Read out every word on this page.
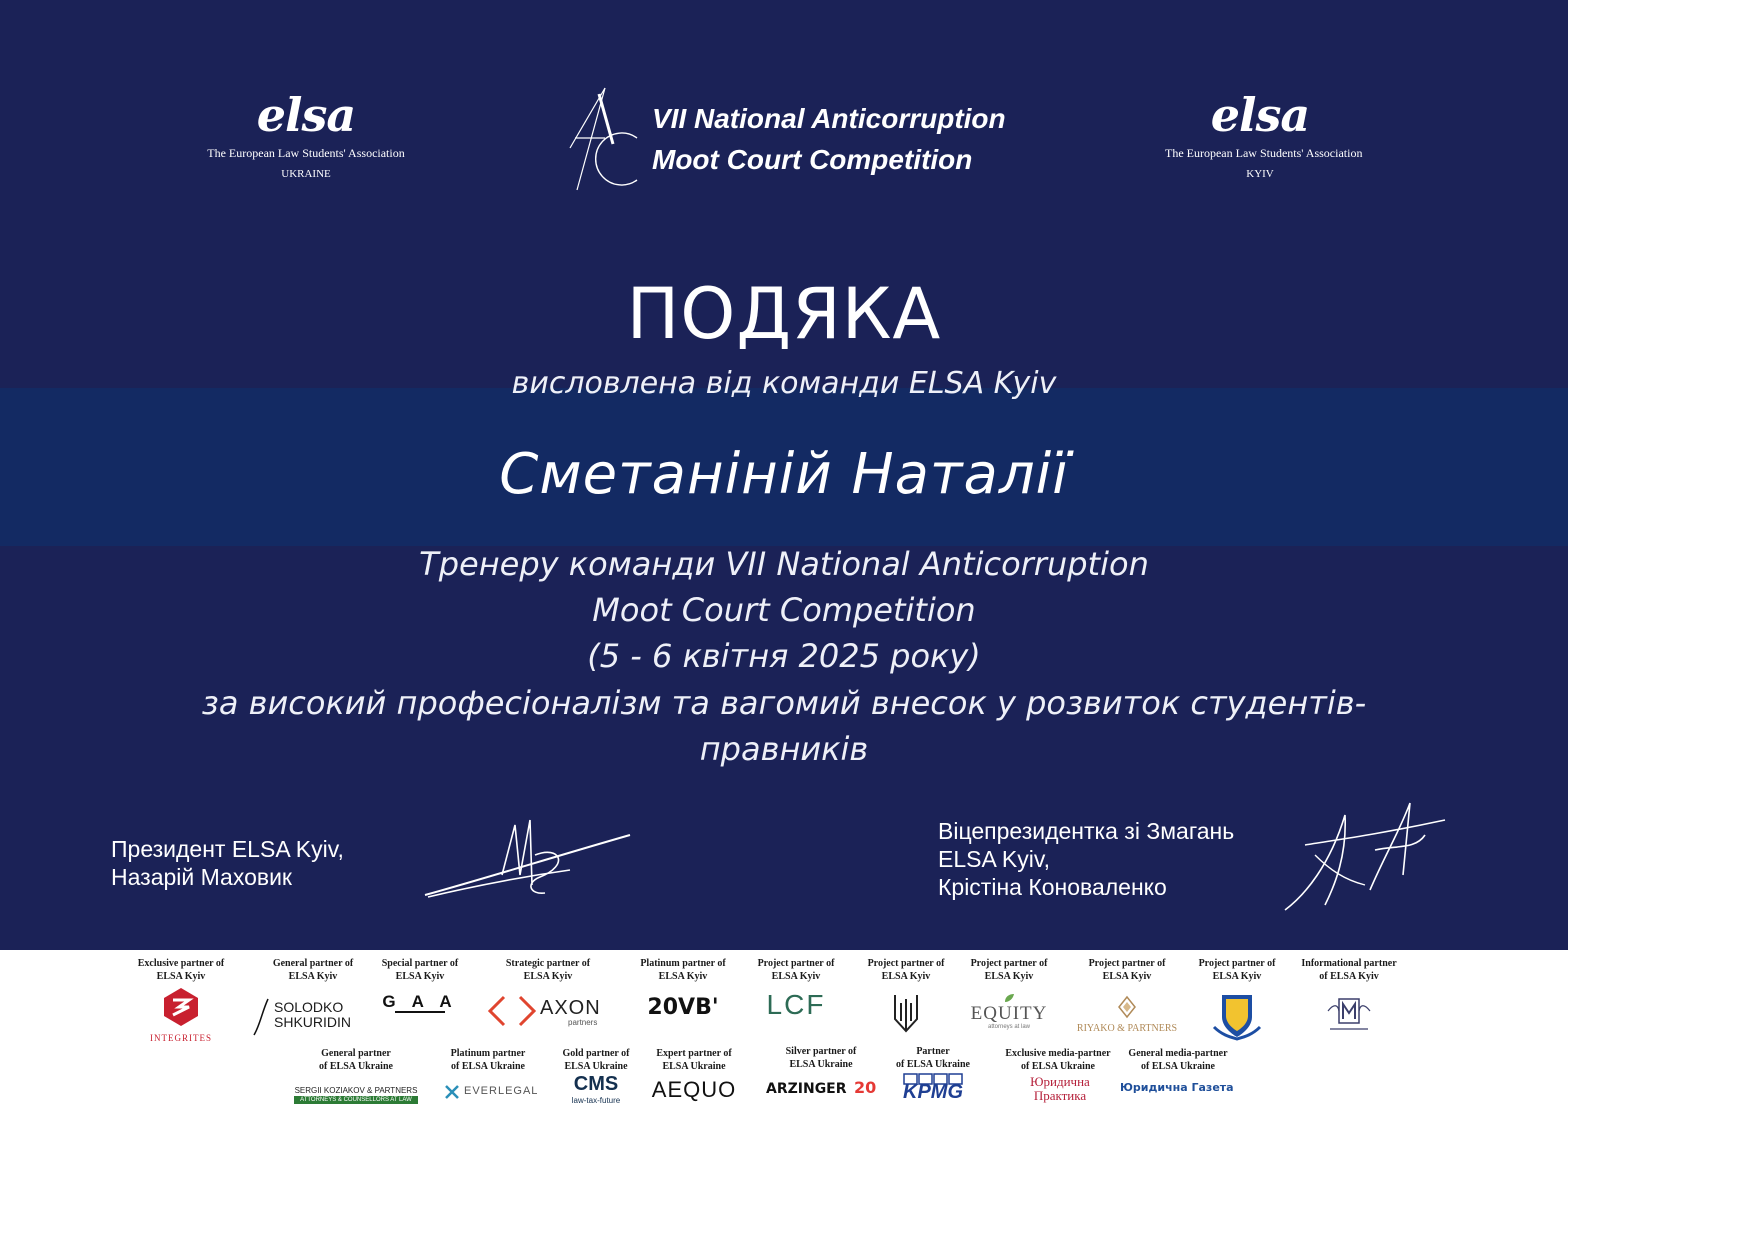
elsa
The European Law Students' Association
UKRAINE
VII National Anticorruption
Moot Court Competition
elsa
The European Law Students' Association
KYIV
ПОДЯКА
висловлена від команди ELSA Kyiv
Сметаніній Наталії
Тренеру команди VII National Anticorruption
Moot Court Competition
(5 - 6 квітня 2025 року)
за високий професіоналізм та вагомий внесок у розвиток студентів-
правників
Президент ELSA Kyiv,
Назарій Маховик
Віцепрезидентка зі Змагань
ELSA Kyiv,
Крістіна Коноваленко
Exclusive partner of
ELSA Kyiv
INTEGRITES
General partner of
ELSA Kyiv
SOLODKO SHKURIDIN
Special partner of
ELSA Kyiv
G A A
Strategic partner of
ELSA Kyiv
AXON
partners
Platinum partner of
ELSA Kyiv
20VB'
Project partner of
ELSA Kyiv
LCF
Project partner of
ELSA Kyiv
Project partner of
ELSA Kyiv
EQUITY
attorneys at law
Project partner of
ELSA Kyiv
RIYAKO & PARTNERS
Project partner of
ELSA Kyiv
Informational partner
of ELSA Kyiv
General partner
of ELSA Ukraine
SERGII KOZIAKOV & PARTNERS
ATTORNEYS & COUNSELLORS AT LAW
Platinum partner
of ELSA Ukraine
EVERLEGAL
Gold partner of
ELSA Ukraine
CMS
law-tax-future
Expert partner of
ELSA Ukraine
AEQUO
Silver partner of
ELSA Ukraine
ARZINGER 20
Partner
of ELSA Ukraine
KPMG
Exclusive media-partner
of ELSA Ukraine
Юридична Практика
General media-partner
of ELSA Ukraine
Юридична Газета
